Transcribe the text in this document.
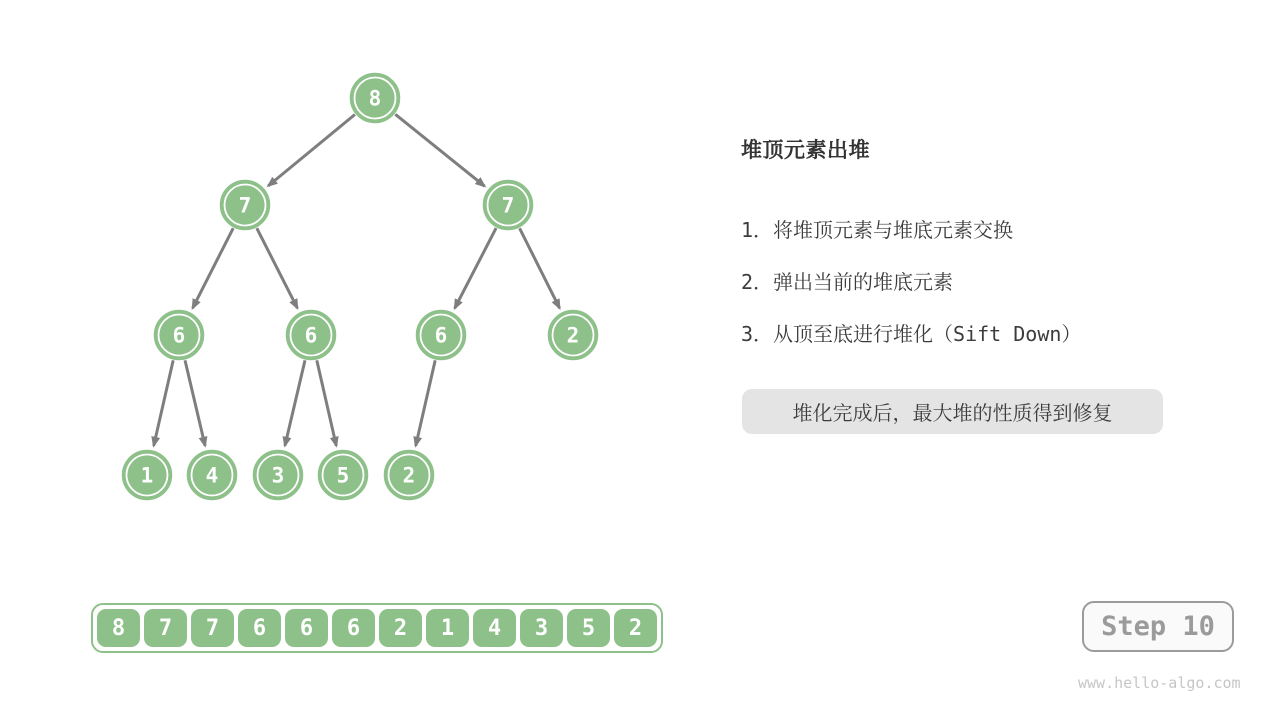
8
7	7
6	6	6	2
1 4	3 5	2
堆顶元素出堆
1．将堆顶元素与堆底元素交换
2．弹出当前的堆底元素
3．从顶至底进行堆化（Sift Down）
堆化完成后，最大堆的性质得到修复
8	7	7	6	6	6	2	1	4	3	5	2	Step 10
www.hello-algo.com
